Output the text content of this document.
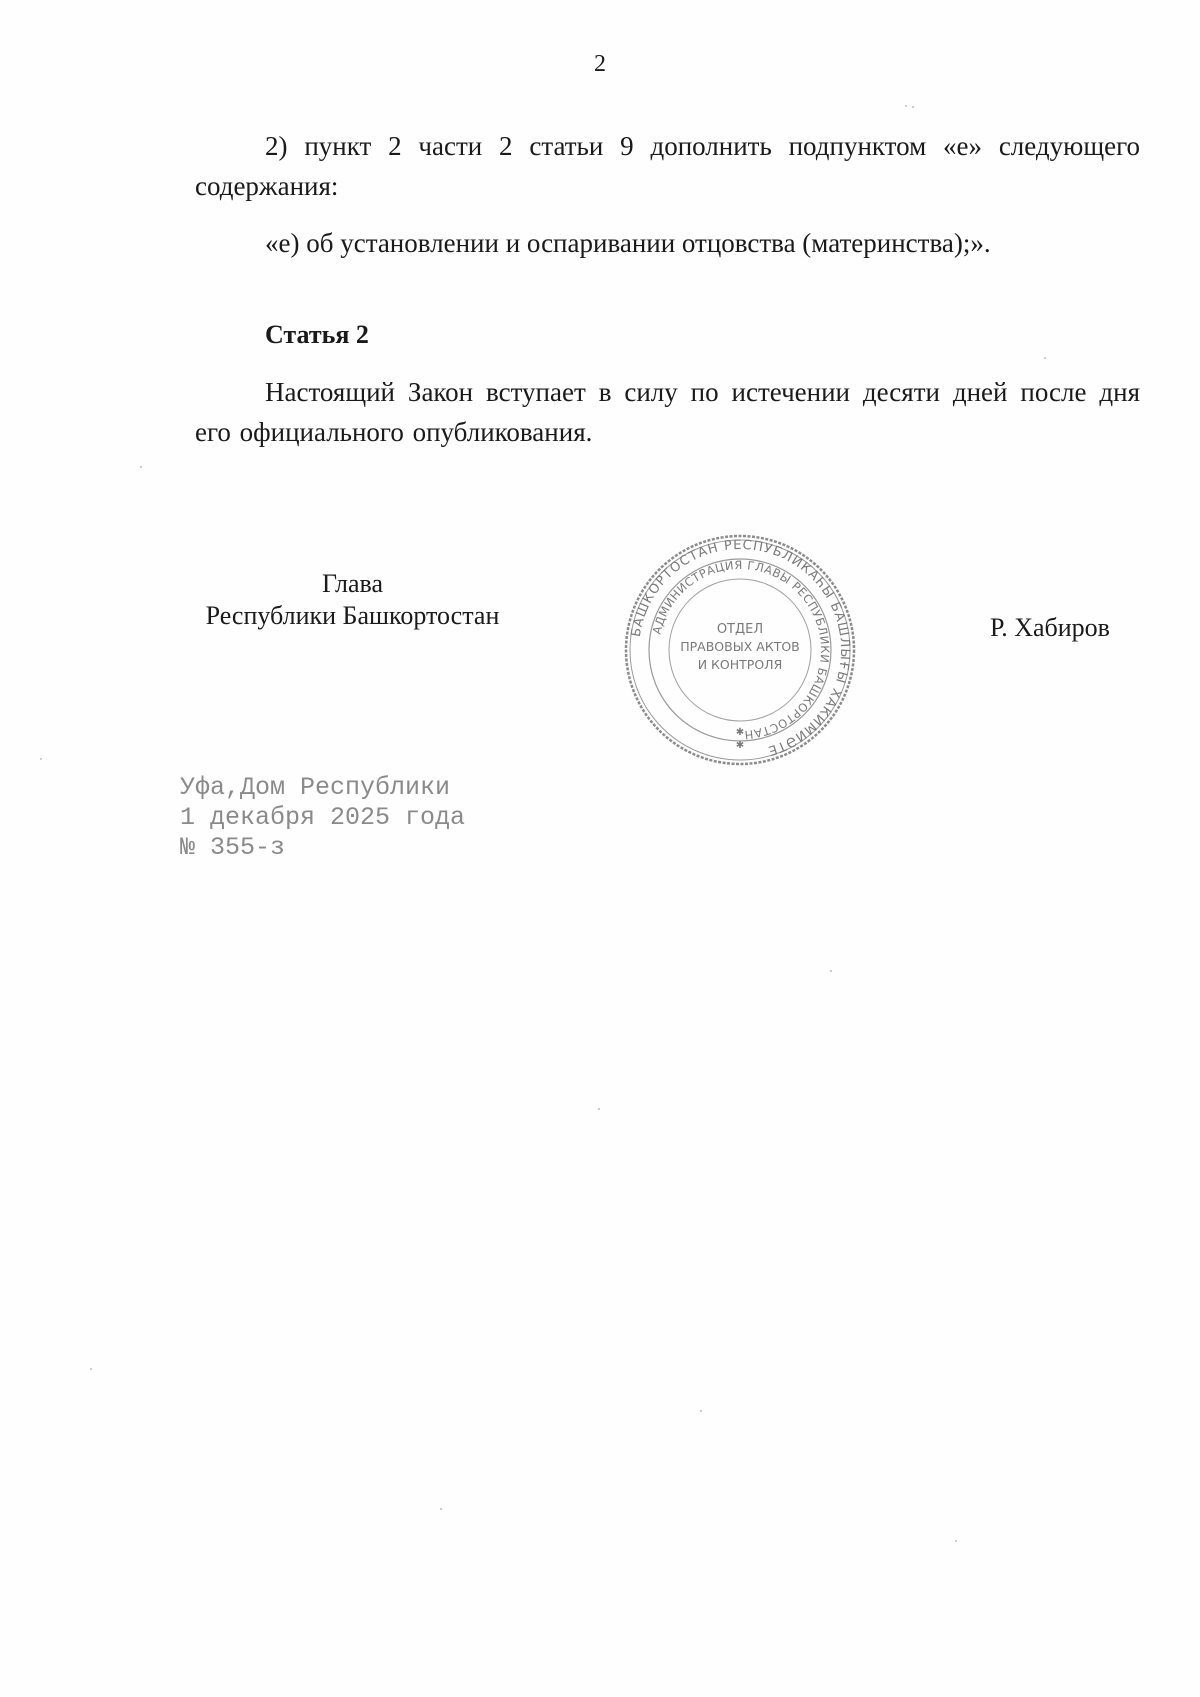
2
2) пункт 2 части 2 статьи 9 дополнить подпунктом «е» следующего содержания:
«е) об установлении и оспаривании отцовства (материнства);».
Статья 2
Настоящий Закон вступает в силу по истечении десяти дней после дня его официального опубликования.
Глава
Республики Башкортостан
БАШКОРТОСТАН РЕСПУБЛИКАҺЫ БАШЛЫҒЫ ХАКИМИӘТЕ
АДМИНИСТРАЦИЯ ГЛАВЫ РЕСПУБЛИКИ БАШКОРТОСТАН
ОТДЕЛ
ПРАВОВЫХ АКТОВ
И КОНТРОЛЯ
✱
✱
Р. Хабиров
Уфа,Дом Республики
1 декабря 2025 года
№ 355-з
